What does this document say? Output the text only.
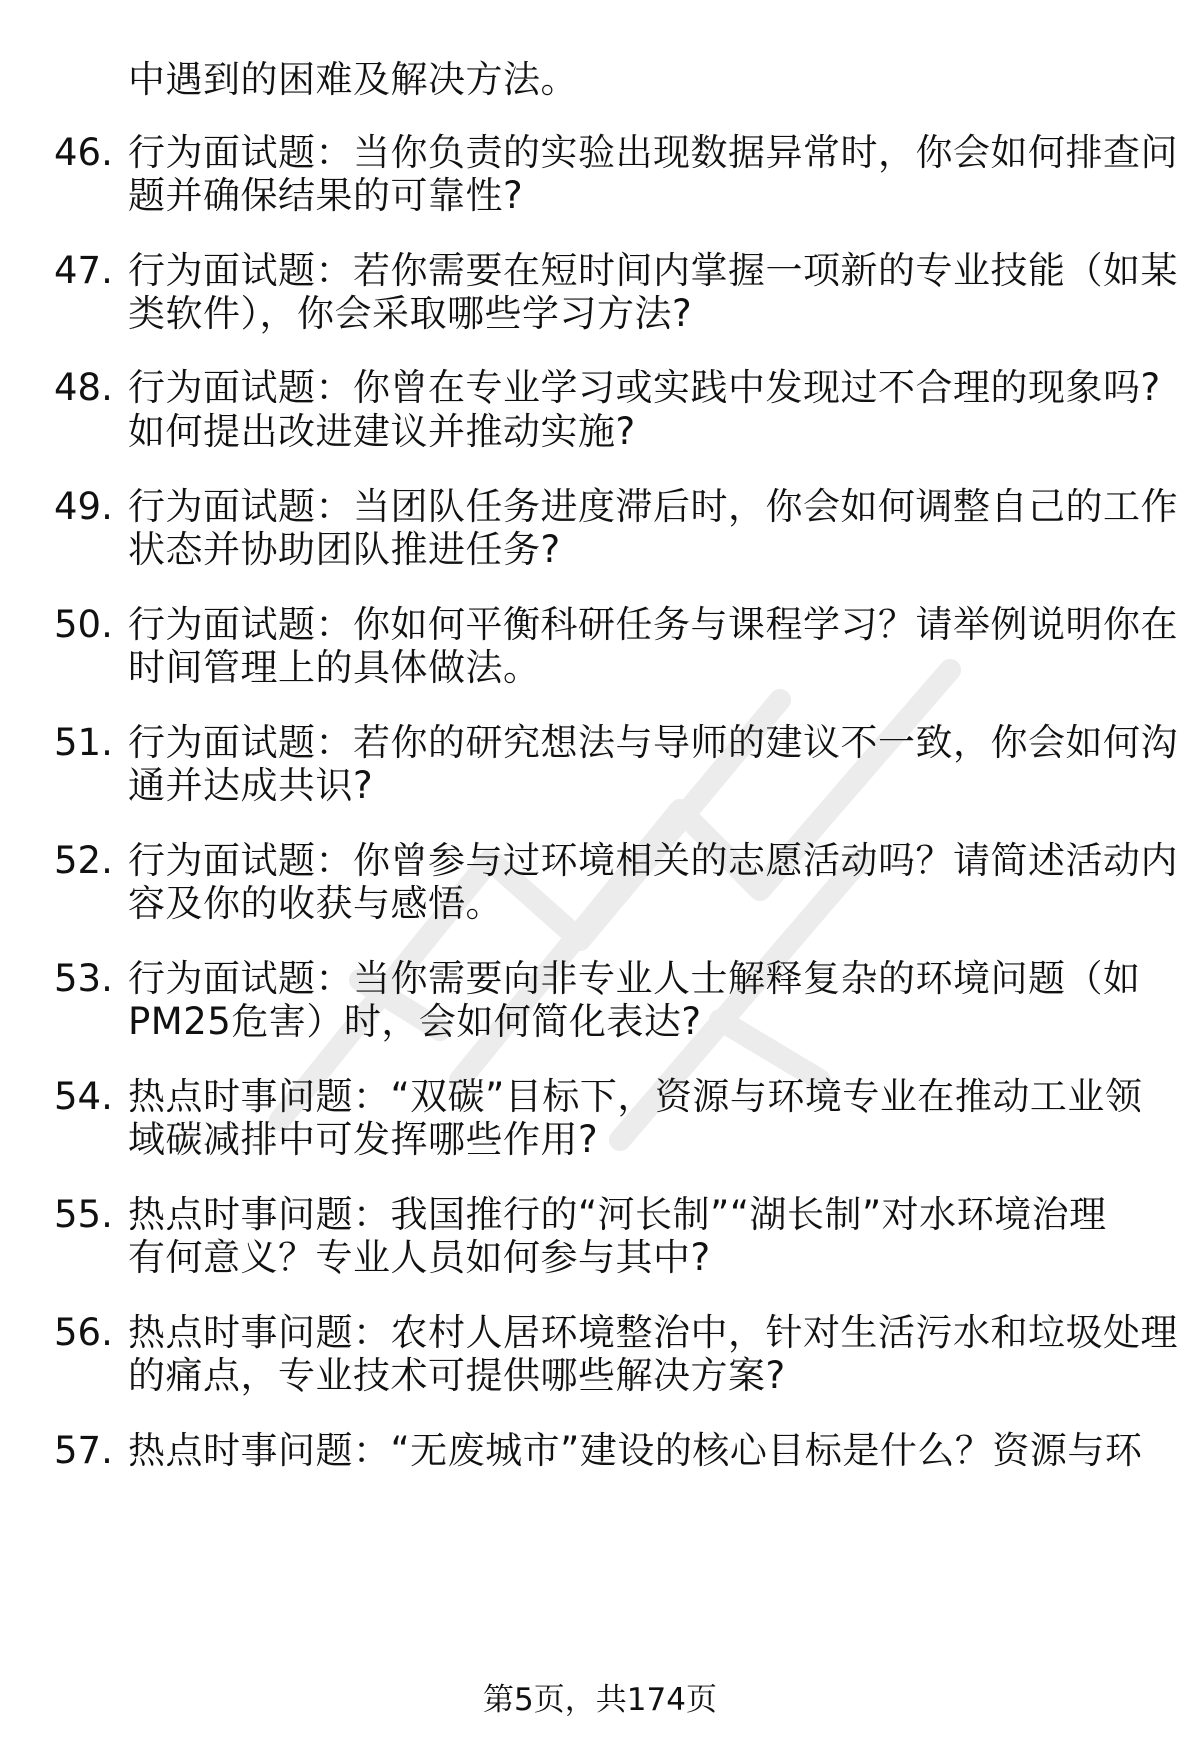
中遇到的困难及解决方法。
46. 行为面试题：当你负责的实验出现数据异常时，你会如何排查问
题并确保结果的可靠性?
47. 行为面试题：若你需要在短时间内掌握一项新的专业技能（如某
类软件），你会采取哪些学习方法?
48. 行为面试题：你曾在专业学习或实践中发现过不合理的现象吗?
如何提出改进建议并推动实施?
49. 行为面试题：当团队任务进度滞后时，你会如何调整自己的工作
状态并协助团队推进任务?
50. 行为面试题：你如何平衡科研任务与课程学习？请举例说明你在
时间管理上的具体做法。
51. 行为面试题：若你的研究想法与导师的建议不一致，你会如何沟
通并达成共识?
52. 行为面试题：你曾参与过环境相关的志愿活动吗？请简述活动内
容及你的收获与感悟。
53. 行为面试题：当你需要向非专业人士解释复杂的环境问题（如
PM25危害）时，会如何简化表达?
54. 热点时事问题：“双碳”目标下，资源与环境专业在推动工业领
域碳减排中可发挥哪些作用?
55. 热点时事问题：我国推行的“河长制”“湖长制”对水环境治理
有何意义？专业人员如何参与其中?
56. 热点时事问题：农村人居环境整治中，针对生活污水和垃圾处理
的痛点，专业技术可提供哪些解决方案?
57. 热点时事问题：“无废城市”建设的核心目标是什么？资源与环
第5页，共174页
